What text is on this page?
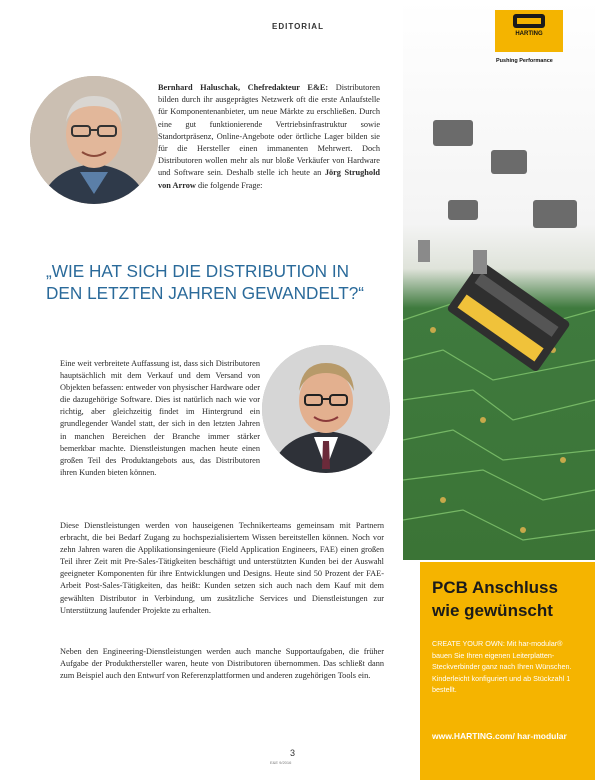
EDITORIAL
Bernhard Haluschak, Chefredakteur E&E: Distributoren bilden durch ihr ausgeprägtes Netzwerk oft die erste Anlaufstelle für Komponentenanbieter, um neue Märkte zu erschließen. Durch eine gut funktionierende Vertriebsinfrastruktur sowie Standortpräsenz, Online-Angebote oder örtliche Lager bilden sie für die Hersteller einen immanenten Mehrwert. Doch Distributoren wollen mehr als nur bloße Verkäufer von Hardware und Software sein. Deshalb stelle ich heute an Jörg Strughold von Arrow die folgende Frage:
„WIE HAT SICH DIE DISTRIBUTION IN DEN LETZTEN JAHREN GEWANDELT?“
Eine weit verbreitete Auffassung ist, dass sich Distributoren hauptsächlich mit dem Verkauf und dem Versand von Objekten befassen: entweder von physischer Hardware oder die dazugehörige Software. Dies ist natürlich nach wie vor richtig, aber gleichzeitig findet im Hintergrund ein grundlegender Wandel statt, der sich in den letzten Jahren in manchen Bereichen der Branche immer stärker bemerkbar machte. Dienstleistungen machen heute einen großen Teil des Produktangebots aus, das Distributoren ihren Kunden bieten können.
Diese Dienstleistungen werden von hauseigenen Technikerteams gemeinsam mit Partnern erbracht, die bei Bedarf Zugang zu hochspezialisiertem Wissen bereitstellen können. Noch vor zehn Jahren waren die Applikationsingenieure (Field Application Engineers, FAE) einen großen Teil ihrer Zeit mit Pre-Sales-Tätigkeiten beschäftigt und unterstützten Kunden bei der Auswahl geeigneter Komponenten für ihre Entwicklungen und Designs. Heute sind 50 Prozent der FAE-Arbeit Post-Sales-Tätigkeiten, das heißt: Kunden setzen sich auch nach dem Kauf mit dem gewählten Distributor in Verbindung, um zusätzliche Services und Dienstleistungen zur Unterstützung laufender Projekte zu erhalten.
Neben den Engineering-Dienstleistungen werden auch manche Supportaufgaben, die früher Aufgabe der Produkthersteller waren, heute von Distributoren übernommen. Das schließt dann zum Beispiel auch den Entwurf von Referenzplattformen und anderen zugehörigen Tools ein.
3
E&E 9/2016
HARTING
Pushing Performance
PCB Anschluss wie gewünscht
CREATE YOUR OWN: Mit har-modular® bauen Sie Ihren eigenen Leiterplatten-Steckverbinder ganz nach Ihren Wünschen. Kinderleicht konfiguriert und ab Stückzahl 1 bestellt.
www.HARTING.com/ har-modular
